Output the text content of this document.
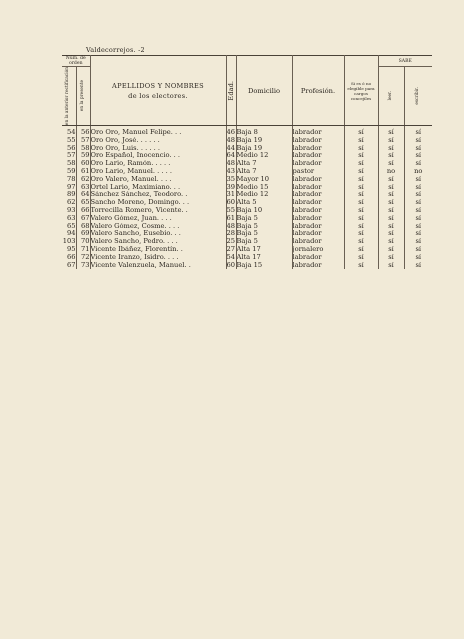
Valdecorrejos. -2
Núm. de orden		APELLIDOS Y NOMBRES
de los electores.	Edad.	Domicilio	Profesión.	Si es ó no elegible para cargos concejiles	SABE	

en la anterior rectificación	en la presente						leer.	escribir.

54	56	Oro Oro, Manuel Felipe. . .	46	Baja 8	labrador	sí	sí	sí
55	57	Oro Oro, José. . . . . .	48	Baja 19	labrador	sí	sí	sí
56	58	Oro Oro, Luis. . . . . .	44	Baja 19	labrador	sí	sí	sí
57	59	Oro Español, Inocencio. . .	64	Medio 12	labrador	sí	sí	sí
58	60	Oro Lario, Ramón. . . . .	48	Alta 7	labrador	sí	sí	sí
59	61	Oro Lario, Manuel. . . . .	43	Alta 7	pastor	sí	no	no
78	62	Oro Valero, Manuel. . . .	35	Mayor 10	labrador	sí	sí	sí
97	63	Ortel Lario, Maximiano. . .	39	Medio 15	labrador	sí	sí	sí
89	64	Sánchez Sánchez, Teodoro. .	31	Medio 12	labrador	sí	sí	sí
62	65	Sancho Moreno, Domingo. . .	60	Alta 5	labrador	sí	sí	sí
93	66	Torrecilla Romero, Vicente. .	55	Baja 10	labrador	sí	sí	sí
63	67	Valero Gómez, Juan. . . .	61	Baja 5	labrador	sí	sí	sí
65	68	Valero Gómez, Cosme. . . .	48	Baja 5	labrador	sí	sí	sí
94	69	Valero Sancho, Eusebio. . .	28	Baja 5	labrador	sí	sí	sí
103	70	Valero Sancho, Pedro. . . .	25	Baja 5	labrador	sí	sí	sí
95	71	Vicente Ibáñez, Florentín. .	27	Alta 17	jornalero	sí	sí	sí
66	72	Vicente Iranzo, Isidro. . . .	54	Alta 17	labrador	sí	sí	sí
67	73	Vicente Valenzuela, Manuel. .	60	Baja 15	labrador	sí	sí	sí
